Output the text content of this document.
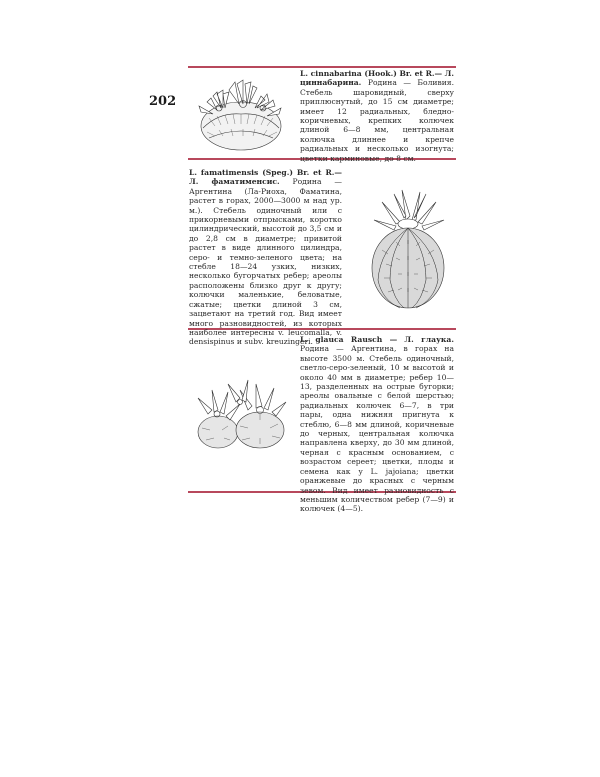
202
L. cinnabarina (Hook.) Br. et R.— Л. циннабарина. Родина — Боливия. Стебель шаровидный, сверху приплюснутый, до 15 см диаметре; имеет 12 радиальных, бледно-коричневых, крепких колючек длиной 6—8 мм, центральная колючка длиннее и крепче радиальных и несколько изогнута; цветки карминовые, до 8 см.
L. famatimensis (Speg.) Br. et R.— Л. фаматименсис. Родина — Аргентина (Ла-Риоха, Фаматина, растет в горах, 2000—3000 м над ур. м.). Стебель одиночный или с прикорневыми отпрысками, коротко цилиндрический, высотой до 3,5 см и до 2,8 см в диаметре; привитой растет в виде длинного цилиндра, серо- и темно-зеленого цвета; на стебле 18—24 узких, низких, несколько бугорчатых ребер; ареолы расположены близко друг к другу; колючки маленькие, беловатые, сжатые; цветки длиной 3 см, зацветают на третий год. Вид имеет много разновидностей, из которых наиболее интересны v. leucomalla, v. densispinus и subv. kreuzingeri.
L. glauca Rausch — Л. глаука. Родина — Аргентина, в горах на высоте 3500 м. Стебель одиночный, светло-серо-зеленый, 10 м высотой и около 40 мм в диаметре; ребер 10—13, разделенных на острые бугорки; ареолы овальные с белой шерстью; радиальных колючек 6—7, в три пары, одна нижняя пригнута к стеблю, 6—8 мм длиной, коричневые до черных, центральная колючка направлена кверху, до 30 мм длиной, черная с красным основанием, с возрастом сереет; цветки, плоды и семена как у L. jajoiana; цветки оранжевые до красных с черным зевом. Вид имеет разновидность с меньшим количеством ребер (7—9) и колючек (4—5).
